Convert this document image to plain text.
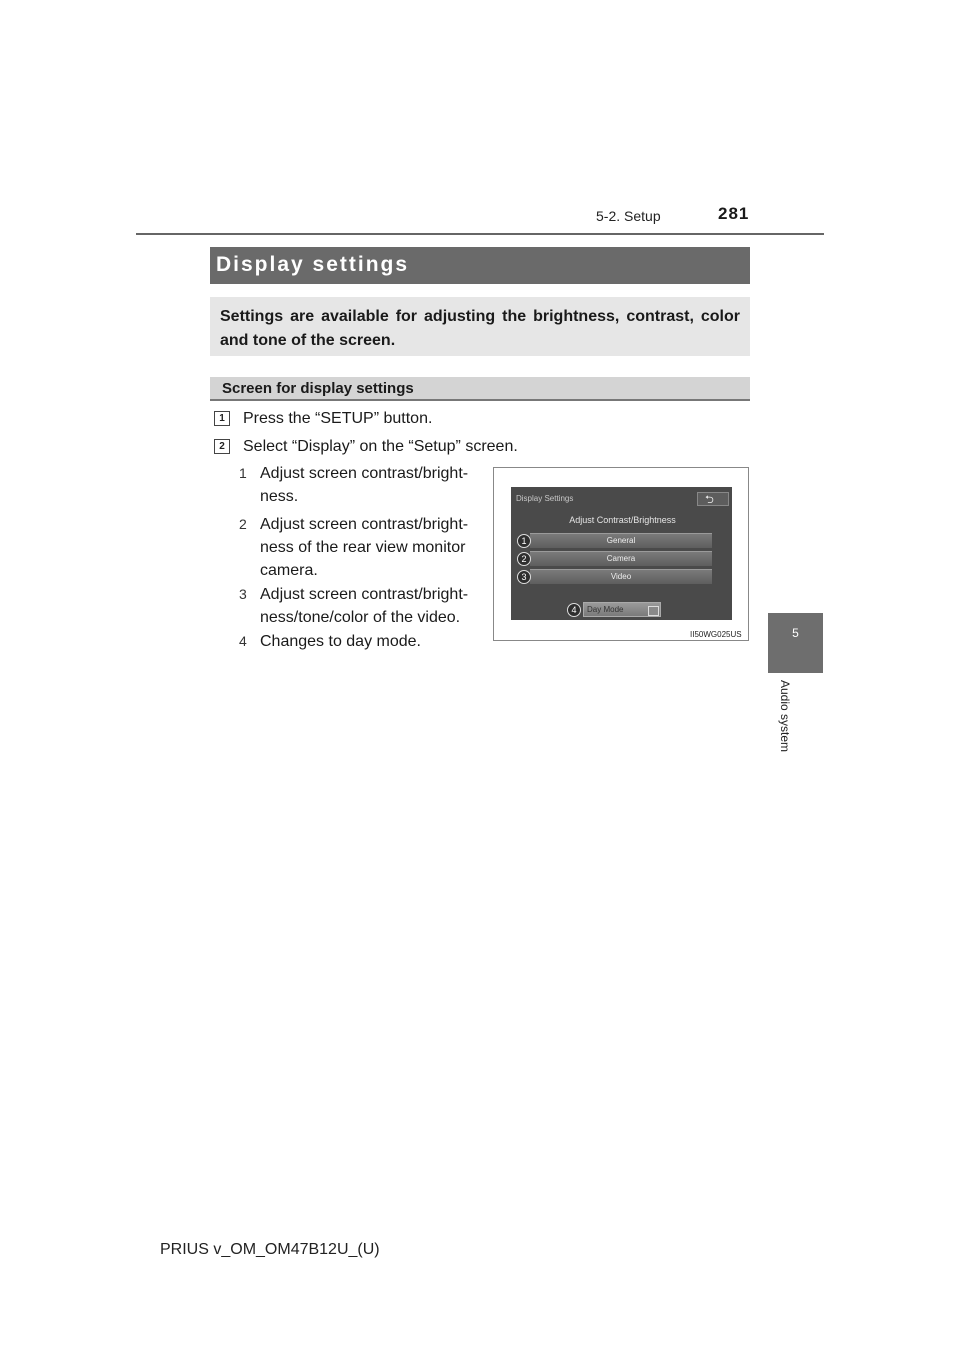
5-2. Setup	281
5
Audio system
Display settings
Settings are available for adjusting the brightness, contrast, color and tone of the screen.
Screen for display settings
1	Press the “SETUP” button.
2	Select “Display” on the “Setup” screen.
1 Adjust screen contrast/bright-
ness.
2 Adjust screen contrast/bright-
ness of the rear view monitor
camera.
3 Adjust screen contrast/bright-
ness/tone/color of the video.
4 Changes to day mode.
Display Settings	⮌
Adjust Contrast/Brightness
General
Camera
Video
1
2
3
Day Mode
4
II50WG025US
PRIUS v_OM_OM47B12U_(U)
